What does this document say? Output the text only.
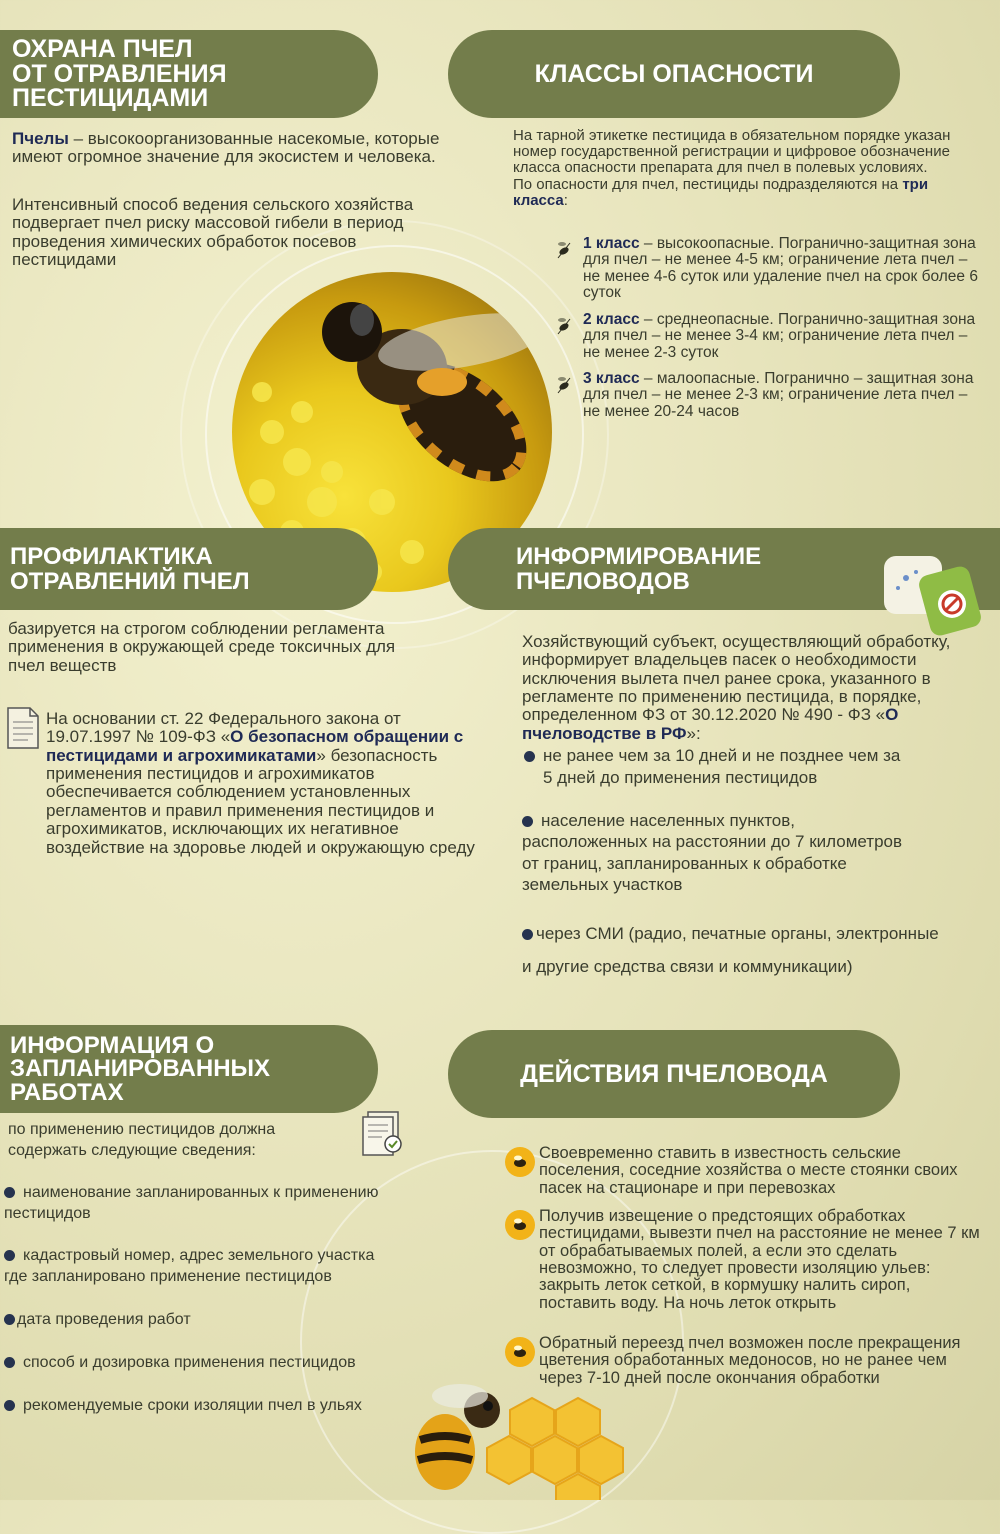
ОХРАНА ПЧЕЛ
ОТ ОТРАВЛЕНИЯ
ПЕСТИЦИДАМИ
Пчелы – высокоорганизованные насекомые, которые имеют огромное значение для экосистем и человека.
Интенсивный способ ведения сельского хозяйства подвергает пчел риску массовой гибели в период проведения химических обработок посевов пестицидами
КЛАССЫ ОПАСНОСТИ
На тарной этикетке пестицида в обязательном порядке указан номер государственной регистрации и цифровое обозначение класса опасности препарата для пчел в полевых условиях.
По опасности для пчел, пестициды подразделяются на три класса:
1 класс – высокоопасные. Погранично-защитная зона для пчел – не менее 4-5 км; ограничение лета пчел – не менее 4-6 суток или удаление пчел на срок более 6 суток
2 класс – среднеопасные. Погранично-защитная зона для пчел – не менее 3-4 км; ограничение лета пчел – не менее 2-3 суток
3 класс – малоопасные. Погранично – защитная зона для пчел – не менее 2-3 км; ограничение лета пчел – не менее 20-24 часов
ПРОФИЛАКТИКА
ОТРАВЛЕНИЙ ПЧЕЛ
базируется на строгом соблюдении регламента применения в окружающей среде токсичных для пчел веществ
На основании ст. 22 Федерального закона от 19.07.1997 № 109-ФЗ «О безопасном обращении с пестицидами и агрохимикатами» безопасность применения пестицидов и агрохимикатов обеспечивается соблюдением установленных регламентов и правил применения пестицидов и агрохимикатов, исключающих их негативное воздействие на здоровье людей и окружающую среду
ИНФОРМИРОВАНИЕ
ПЧЕЛОВОДОВ
Хозяйствующий субъект, осуществляющий обработку, информирует владельцев пасек о необходимости исключения вылета пчел ранее срока, указанного в регламенте по применению пестицида, в порядке, определенном ФЗ от 30.12.2020 № 490 - ФЗ «О пчеловодстве в РФ»:
не ранее чем за 10 дней и не позднее чем за
5 дней до применения пестицидов
население населенных пунктов,
расположенных на расстоянии до 7 километров
от границ, запланированных к обработке
земельных участков
через СМИ (радио, печатные органы, электронные
и другие средства связи и коммуникации)
ИНФОРМАЦИЯ О
ЗАПЛАНИРОВАННЫХ
РАБОТАХ
по применению пестицидов должна
содержать следующие сведения:
наименование запланированных к применению
пестицидов
кадастровый номер, адрес земельного участка
где запланировано применение пестицидов
дата проведения работ
способ и дозировка применения пестицидов
рекомендуемые сроки изоляции пчел в ульях
ДЕЙСТВИЯ ПЧЕЛОВОДА
Своевременно ставить в известность сельские поселения, соседние хозяйства о месте стоянки своих пасек на стационаре и при перевозках
Получив извещение о предстоящих обработках пестицидами, вывезти пчел на расстояние не менее 7 км от обрабатываемых полей, а если это сделать невозможно, то следует провести изоляцию ульев: закрыть леток сеткой, в кормушку налить сироп, поставить воду. На ночь леток открыть
Обратный переезд пчел возможен после прекращения цветения обработанных медоносов, но не ранее чем через 7-10 дней после окончания обработки
